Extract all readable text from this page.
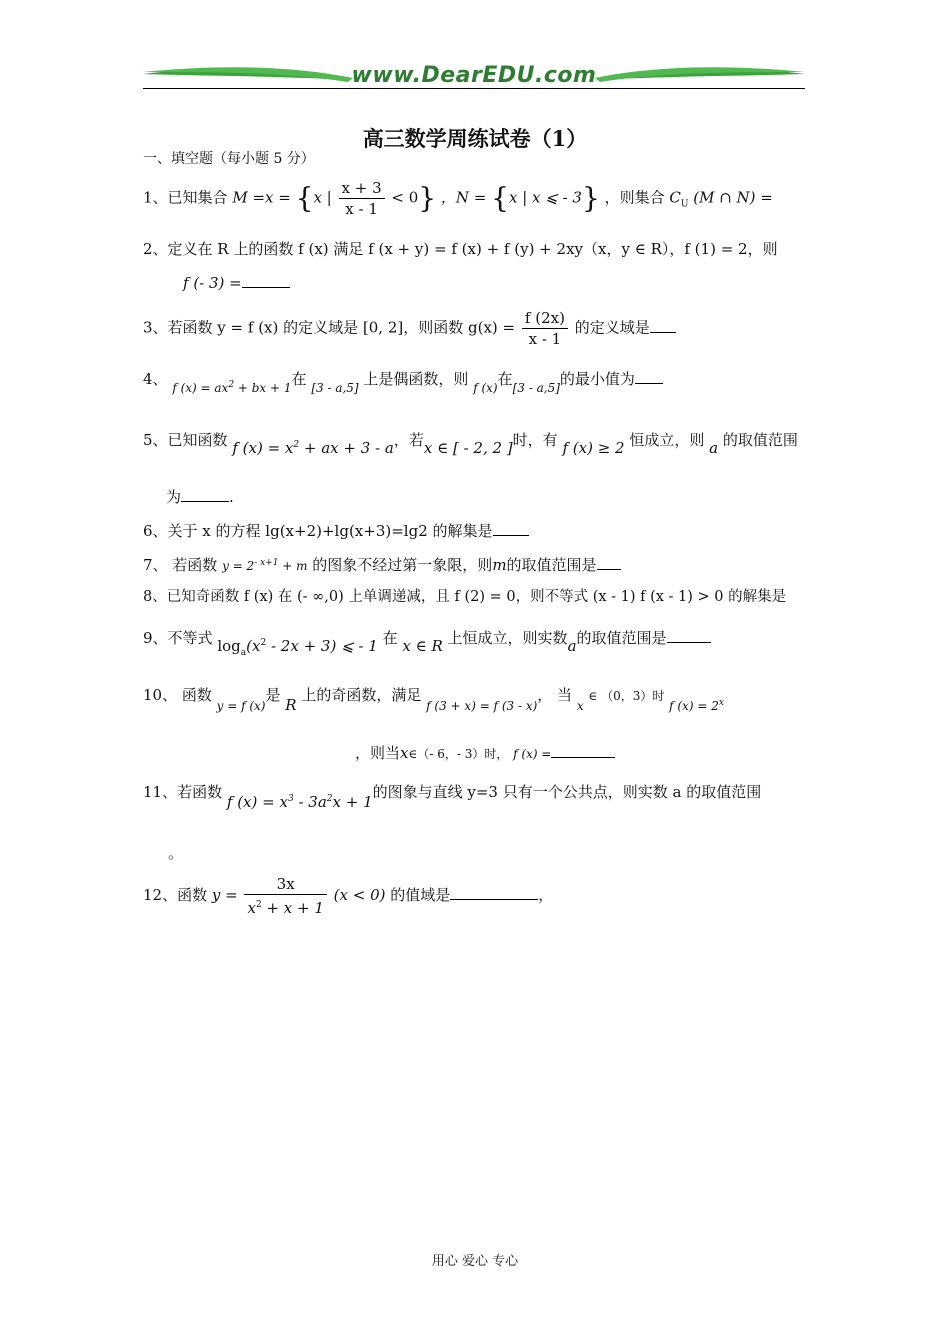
www.DearEDU.com
高三数学周练试卷（1）
一、填空题（每小题 5 分）
1、已知集合 M =x = {x | $\frac{x + 3}{x - 1} < 0$} ，N = {x | x ⩽ - 3} ，则集合 $C_U$ (M ∩ N) =
2、定义在 R 上的函数 f (x) 满足 f (x + y) = f (x) + f (y) + 2xy（x，y ∈ R），f (1) = 2，则
f (- 3) =
3、若函数 y = f (x) 的定义域是 [0, 2]，则函数 $g(x) = \frac{f (2x)}{x - 1}$ 的定义域是
4、 $_{f (x) = ax^2 + bx + 1}$在 $_{[3 - a,5]}$ 上是偶函数，则 $_{f (x)}$在$_{[3 - a,5]}$的最小值为
5、已知函数 f $(x) = x^2$ + ax + 3 - a，若x ∈ [ - 2, 2 ]时，有 f (x) ≥ 2 恒成立，则 a 的取值范围
为	.
6、关于 x 的方程 lg(x+2)+lg(x+3)=lg2 的解集是
7、 若函数 $y = 2^{- x+1} + m$ 的图象不经过第一象限，则m的取值范围是
8、已知奇函数 f (x) 在 (- ∞,0) 上单调递减，且 f (2) = 0，则不等式 (x - 1) f (x - 1) > 0 的解集是
9、不等式 $\log_a(x^2 - 2x + 3)$ ⩽ - 1 在 x ∈ R 上恒成立，则实数a的取值范围是
10、 函数 $_{y = f (x)}$是 R 上的奇函数，满足 $_{f (3 + x) = f (3 - x)}$， 当 $_x$ ∈ （0，3）时 $_{f (x) = 2^x}$
，则当x∈（- 6，- 3）时， f (x) =
11、若函数 f $(x) = x^3 - 3a^2x + 1$的图象与直线 y=3 只有一个公共点，则实数 a 的取值范围
。
12、函数 $y = \frac{3x}{x^2 + x + 1} (x < 0)$ 的值域是	，
用心 爱心 专心
